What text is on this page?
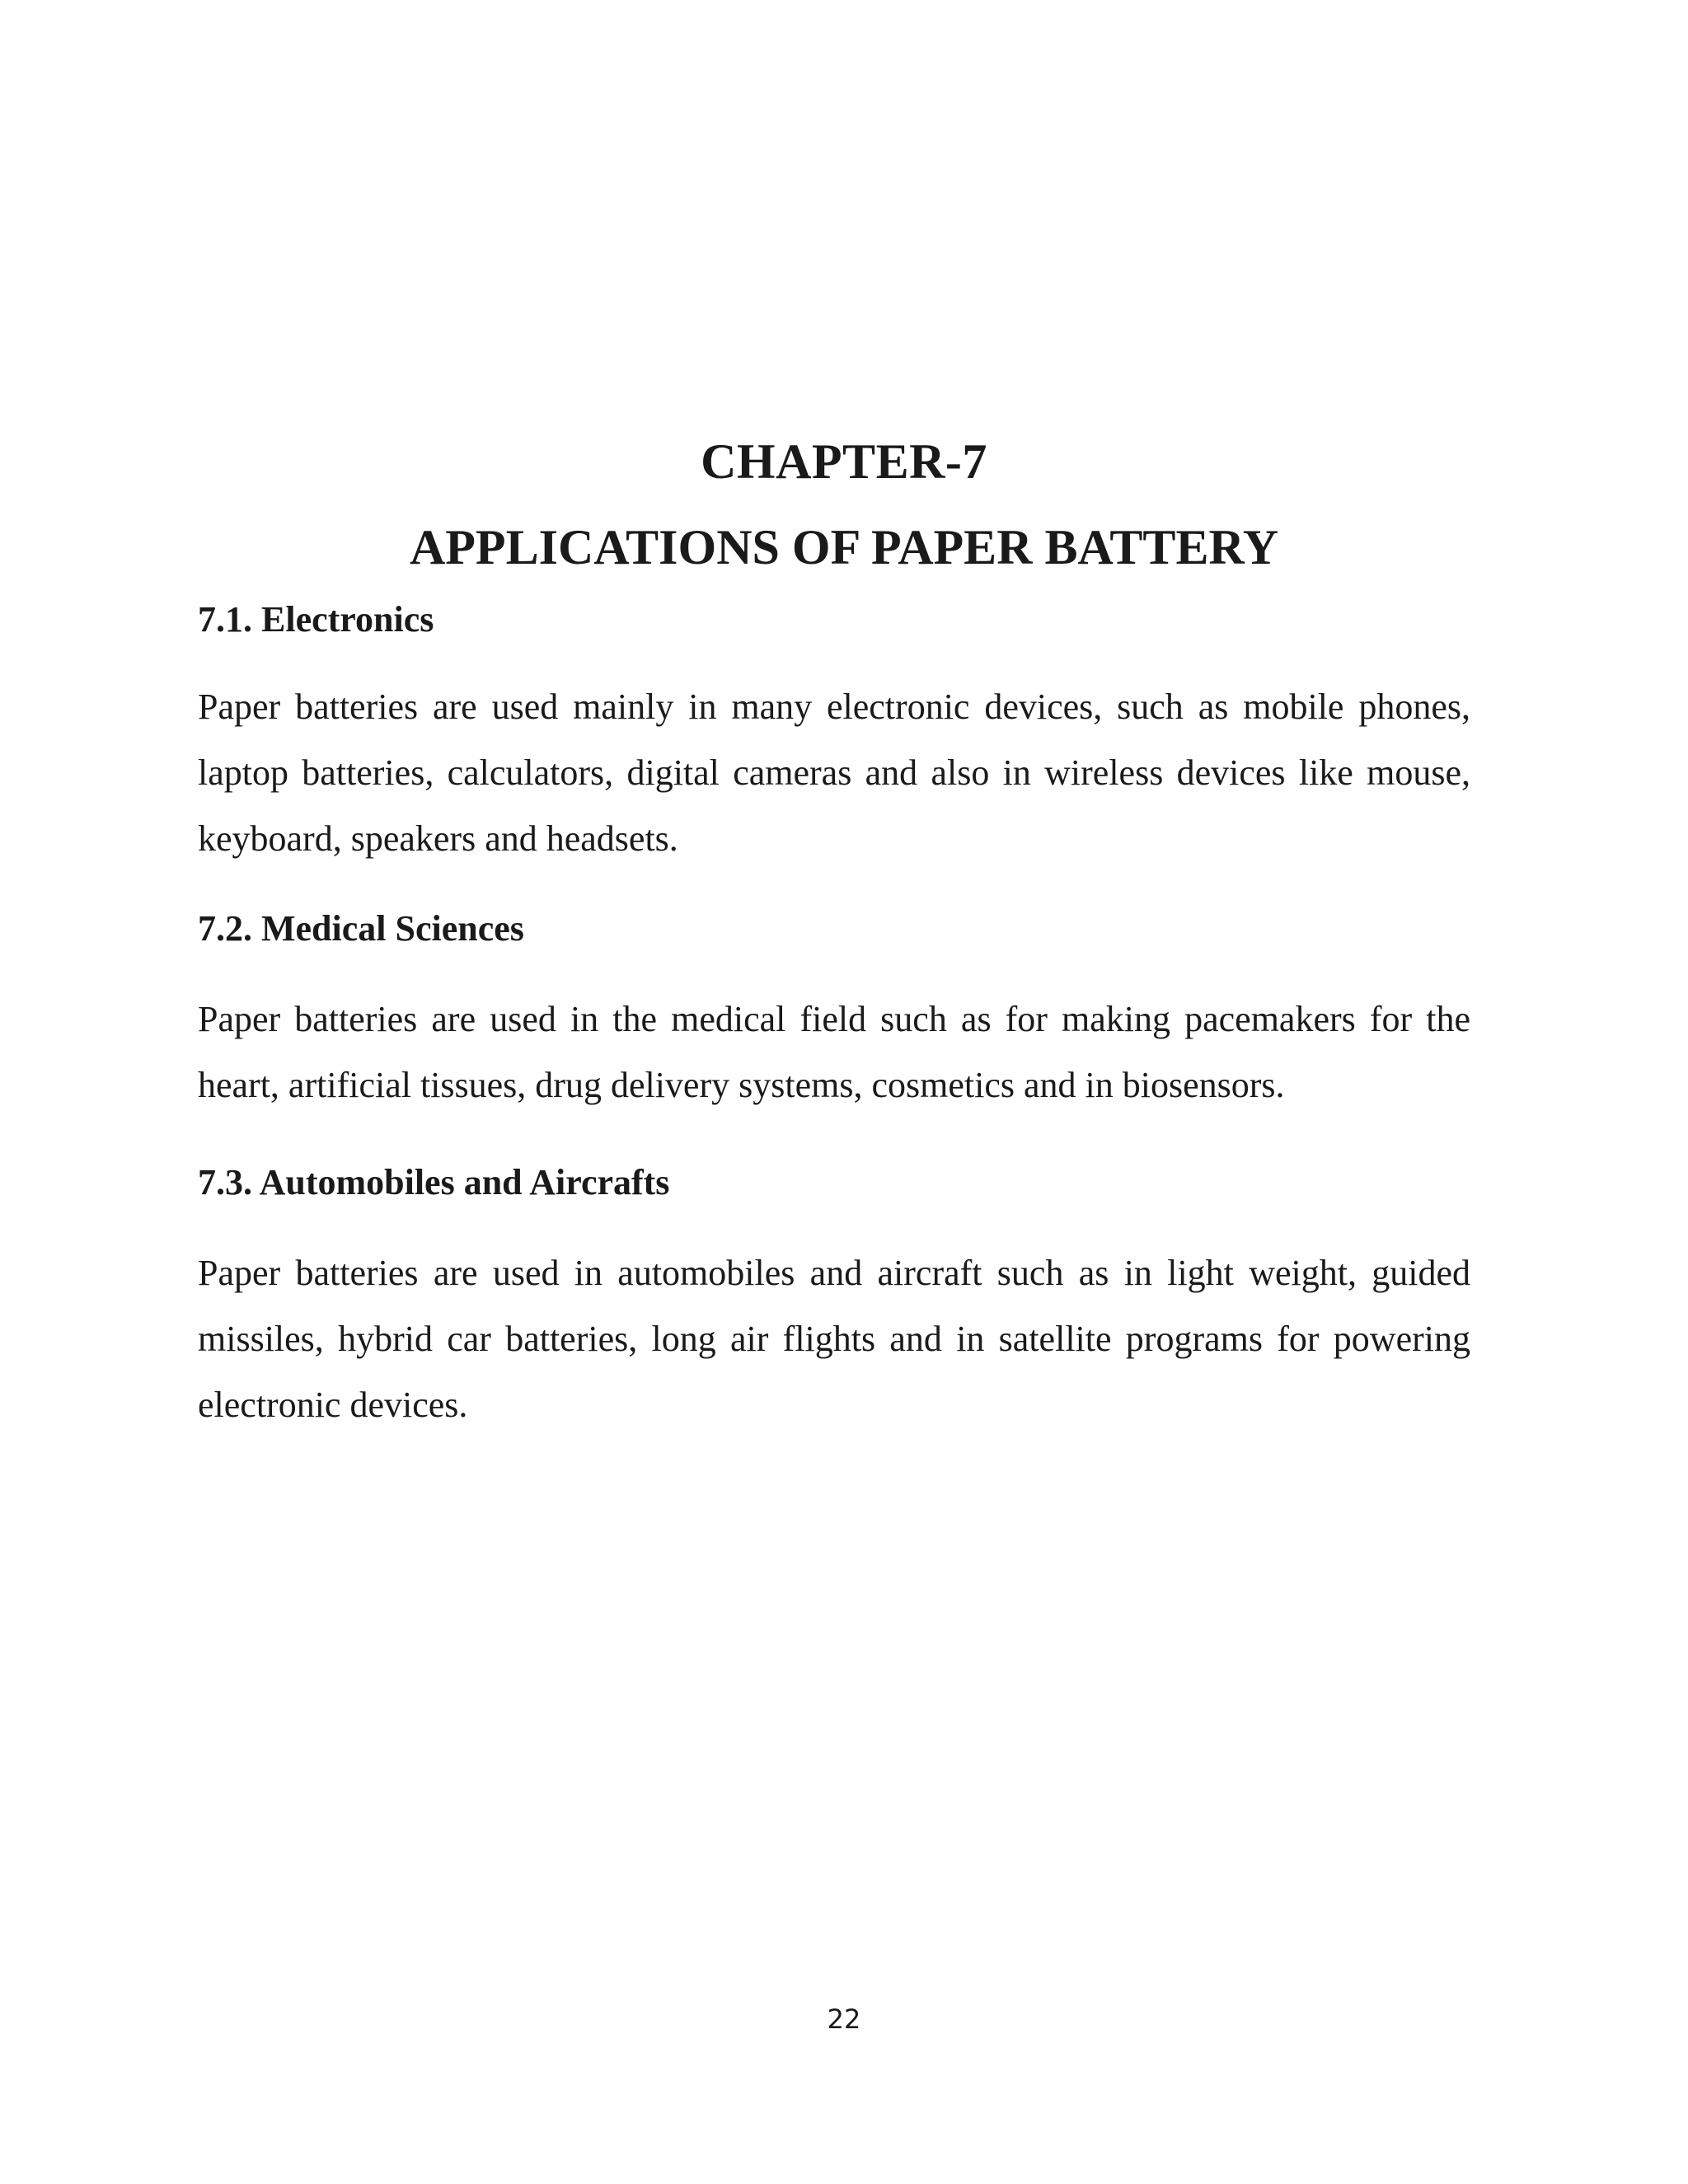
CHAPTER-7
APPLICATIONS OF PAPER BATTERY
7.1. Electronics

Paper batteries are used mainly in many electronic devices, such as mobile phones, laptop batteries, calculators, digital cameras and also in wireless devices like mouse, keyboard, speakers and headsets.

7.2. Medical Sciences

Paper batteries are used in the medical field such as for making pacemakers for the heart, artificial tissues, drug delivery systems, cosmetics and in biosensors.

7.3. Automobiles and Aircrafts

Paper batteries are used in automobiles and aircraft such as in light weight, guided missiles, hybrid car batteries, long air flights and in satellite programs for powering electronic devices.

22
